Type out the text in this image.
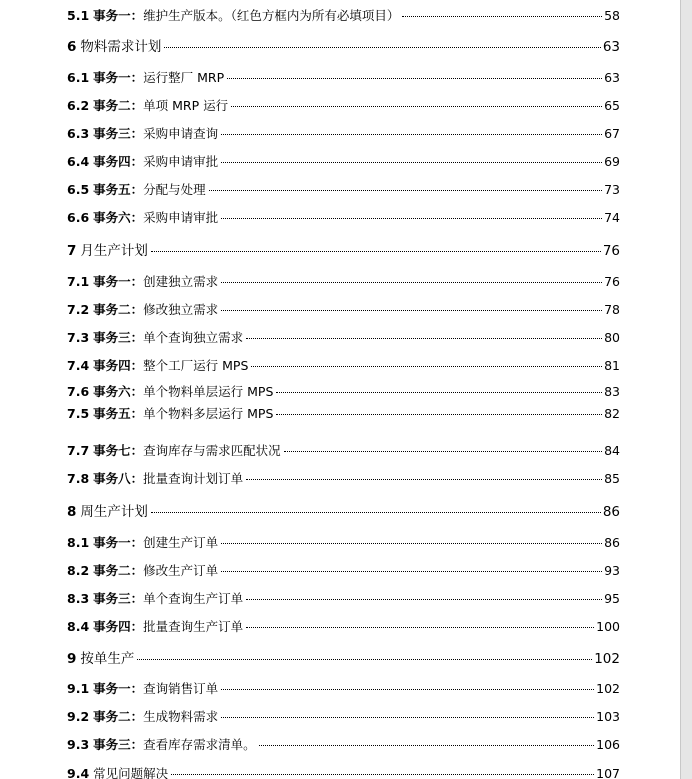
5.1 事务一： 维护生产版本。（红色方框内为所有必填项目）	58
6 物料需求计划	63
6.1 事务一： 运行整厂 MRP	63
6.2 事务二： 单项 MRP 运行	65
6.3 事务三： 采购申请查询	67
6.4 事务四： 采购申请审批	69
6.5 事务五： 分配与处理	73
6.6 事务六： 采购申请审批	74
7 月生产计划	76
7.1 事务一： 创建独立需求	76
7.2 事务二： 修改独立需求	78
7.3 事务三： 单个查询独立需求	80
7.4 事务四： 整个工厂运行 MPS	81
7.6 事务六： 单个物料单层运行 MPS	83
7.5 事务五： 单个物料多层运行 MPS	82
7.7 事务七： 查询库存与需求匹配状况	84
7.8 事务八： 批量查询计划订单	85
8 周生产计划	86
8.1 事务一： 创建生产订单	86
8.2 事务二： 修改生产订单	93
8.3 事务三： 单个查询生产订单	95
8.4 事务四： 批量查询生产订单	100
9 按单生产	102
9.1 事务一： 查询销售订单	102
9.2 事务二： 生成物料需求	103
9.3 事务三： 查看库存需求清单。	106
9.4 常见问题解决	107
